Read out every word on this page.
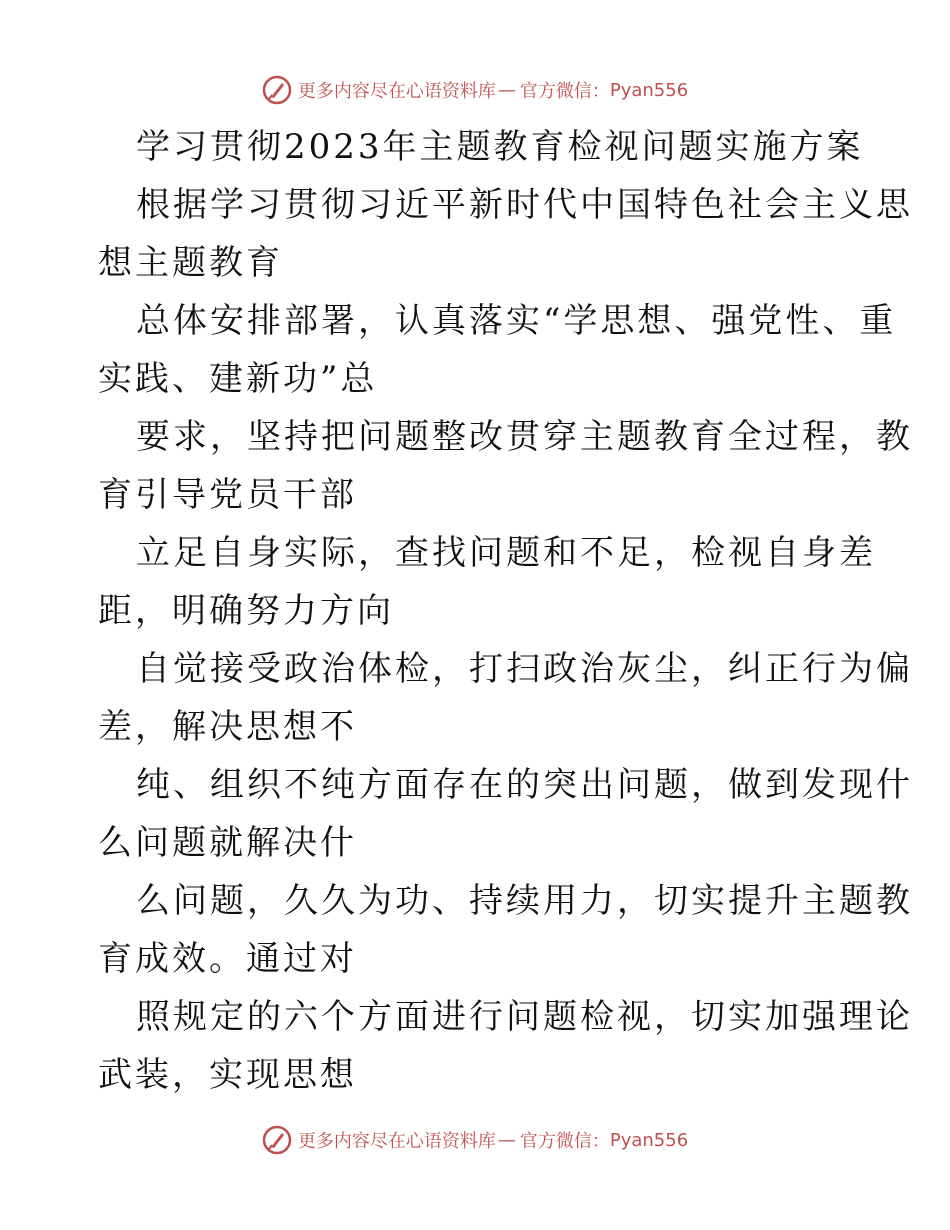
更多内容尽在心语资料库 — 官方微信： Pyan556
学习贯彻2023年主题教育检视问题实施方案
根据学习贯彻习近平新时代中国特色社会主义思
想主题教育
总体安排部署，认真落实“学思想、强党性、重
实践、建新功”总
要求，坚持把问题整改贯穿主题教育全过程，教
育引导党员干部
立足自身实际，查找问题和不足，检视自身差
距，明确努力方向
自觉接受政治体检，打扫政治灰尘，纠正行为偏
差，解决思想不
纯、组织不纯方面存在的突出问题，做到发现什
么问题就解决什
么问题，久久为功、持续用力，切实提升主题教
育成效。通过对
照规定的六个方面进行问题检视，切实加强理论
武装，实现思想
更多内容尽在心语资料库 — 官方微信： Pyan556
